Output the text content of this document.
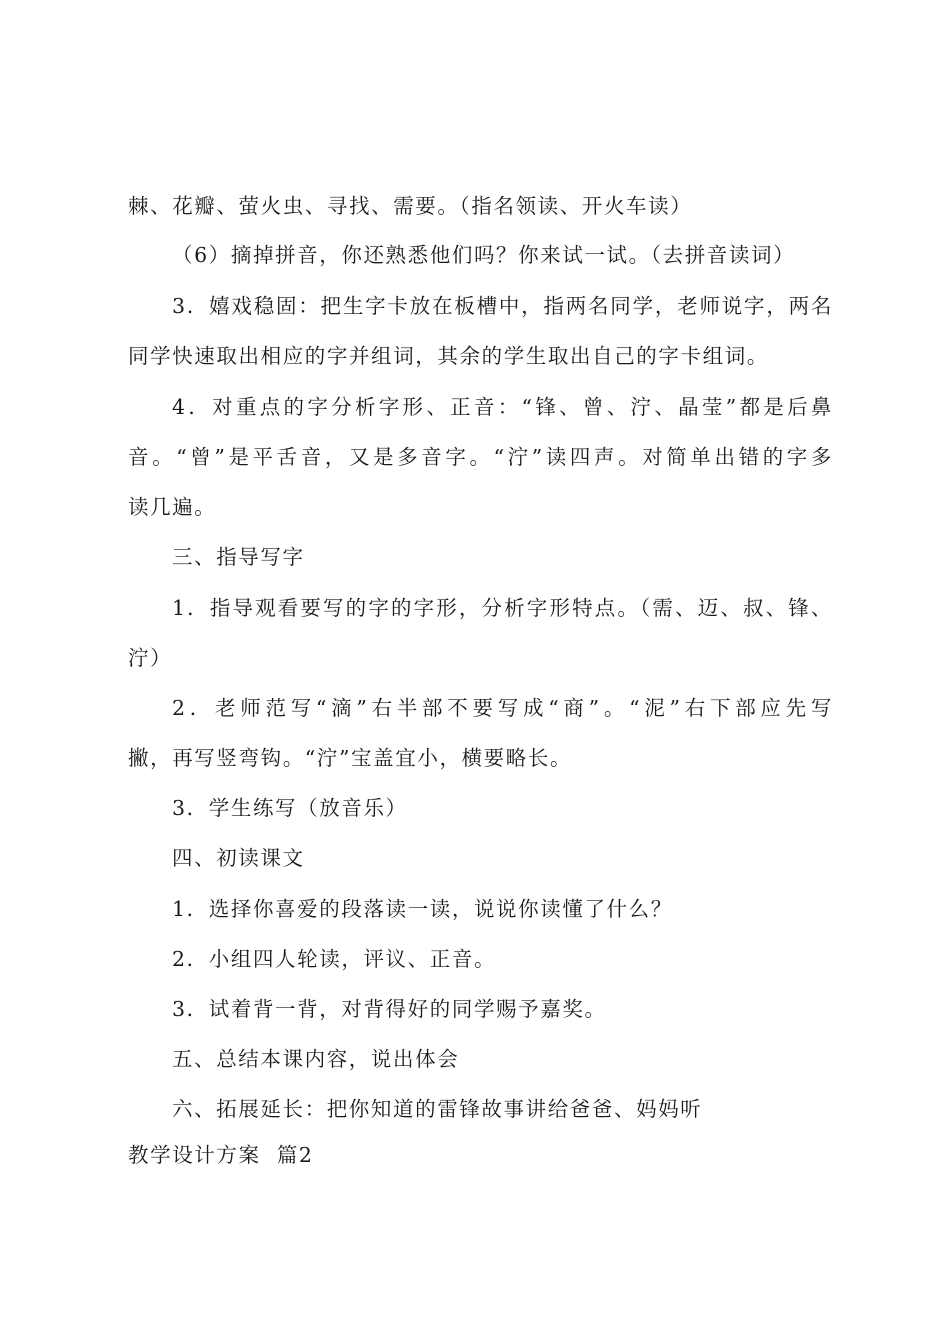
棘、花瓣、萤火虫、寻找、需要。（指名领读、开火车读）
（6）摘掉拼音，你还熟悉他们吗？你来试一试。（去拼音读词）
3．嬉戏稳固：把生字卡放在板槽中，指两名同学，老师说字，两名
同学快速取出相应的字并组词，其余的学生取出自己的字卡组词。
4．对重点的字分析字形、正音：“锋、曾、泞、晶莹”都是后鼻
音。“曾”是平舌音，又是多音字。“泞”读四声。对简单出错的字多
读几遍。
三、指导写字
1．指导观看要写的字的字形，分析字形特点。（需、迈、叔、锋、
泞）
2．老师范写“滴”右半部不要写成“商”。“泥”右下部应先写
撇，再写竖弯钩。“泞”宝盖宜小，横要略长。
3．学生练写（放音乐）
四、初读课文
1．选择你喜爱的段落读一读，说说你读懂了什么？
2．小组四人轮读，评议、正音。
3．试着背一背，对背得好的同学赐予嘉奖。
五、总结本课内容，说出体会
六、拓展延长：把你知道的雷锋故事讲给爸爸、妈妈听
教学设计方案  篇2
